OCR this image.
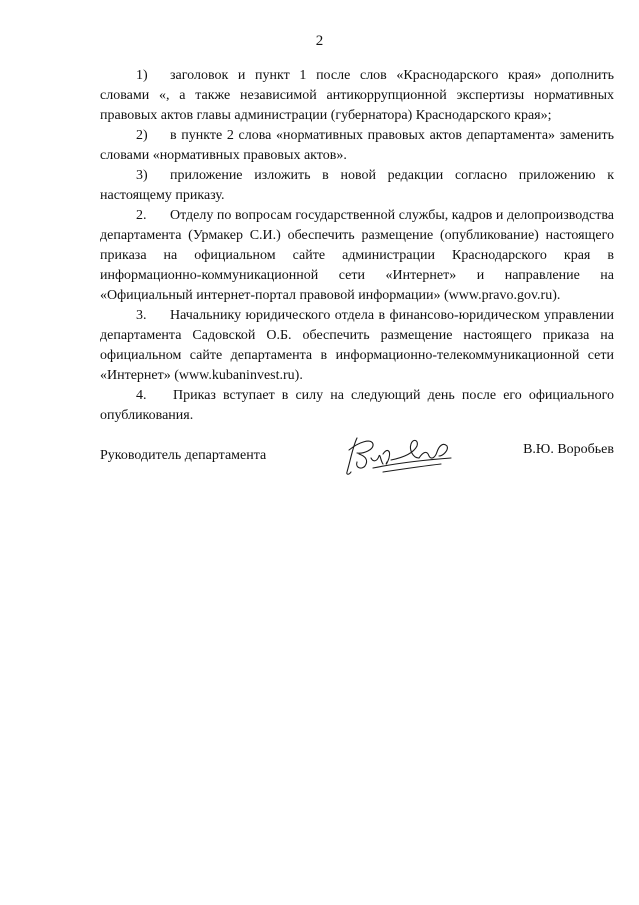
2

1) заголовок и пункт 1 после слов «Краснодарского края» дополнить словами «, а также независимой антикоррупционной экспертизы нормативных правовых актов главы администрации (губернатора) Краснодарского края»;

2) в пункте 2 слова «нормативных правовых актов департамента» заменить словами «нормативных правовых актов».

3) приложение изложить в новой редакции согласно приложению к настоящему приказу.

2. Отделу по вопросам государственной службы, кадров и делопроизводства департамента (Урмакер С.И.) обеспечить размещение (опубликование) настоящего приказа на официальном сайте администрации Краснодарского края в информационно-коммуникационной сети «Интернет» и направление на «Официальный интернет-портал правовой информации» (www.pravo.gov.ru).

3. Начальнику юридического отдела в финансово-юридическом управлении департамента Садовской О.Б. обеспечить размещение настоящего приказа на официальном сайте департамента в информационно-телекоммуникационной сети «Интернет» (www.kubaninvest.ru).

4. Приказ вступает в силу на следующий день после его официального опубликования.

Руководитель департамента	В.Ю. Воробьев
